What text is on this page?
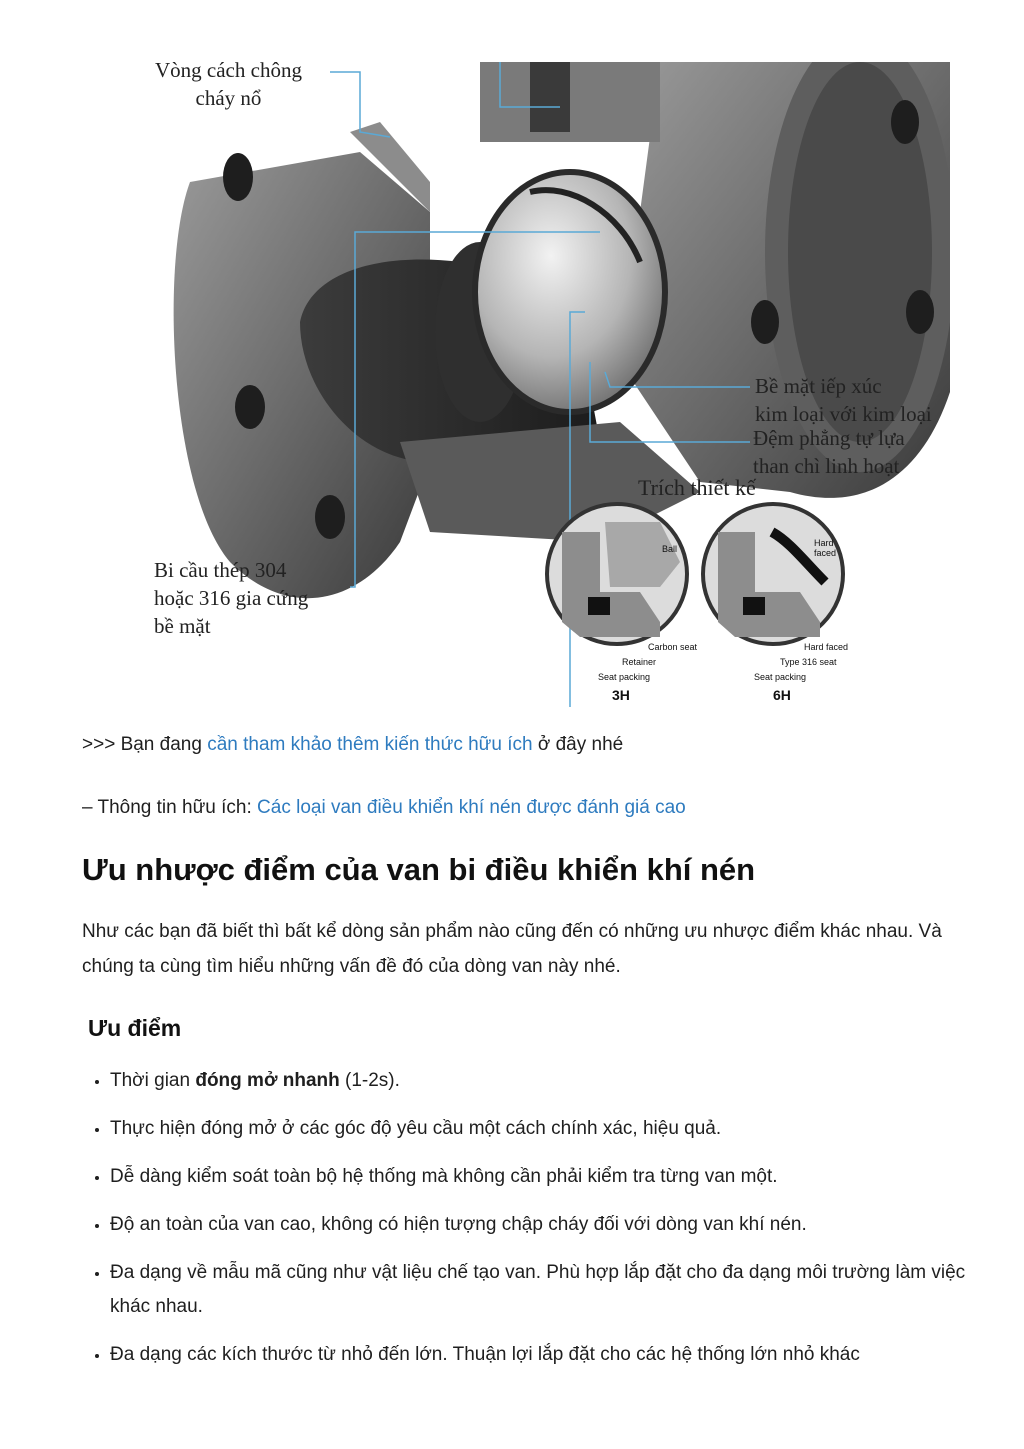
Vòng cách chông
cháy nổ
Bề mặt iếp xúc
kim loại với kim loại
Đệm phẳng tự lựa
than chì linh hoạt
Trích thiết kế
Bi cầu thép 304
hoặc 316 gia cứng
bề mặt
Ball
Carbon seat
Retainer
Seat packing
3H
Hard
faced
Hard faced
Type 316 seat
Seat packing
6H

>>> Bạn đang cần tham khảo thêm kiến thức hữu ích ở đây nhé

– Thông tin hữu ích: Các loại van điều khiển khí nén được đánh giá cao

Ưu nhược điểm của van bi điều khiển khí nén

Như các bạn đã biết thì bất kể dòng sản phẩm nào cũng đến có những ưu nhược điểm khác nhau. Và chúng ta cùng tìm hiểu những vấn đề đó của dòng van này nhé.

Ưu điểm
• Thời gian đóng mở nhanh (1-2s).
• Thực hiện đóng mở ở các góc độ yêu cầu một cách chính xác, hiệu quả.
• Dễ dàng kiểm soát toàn bộ hệ thống mà không cần phải kiểm tra từng van một.
• Độ an toàn của van cao, không có hiện tượng chập cháy đối với dòng van khí nén.
• Đa dạng về mẫu mã cũng như vật liệu chế tạo van. Phù hợp lắp đặt cho đa dạng môi trường làm việc khác nhau.
• Đa dạng các kích thước từ nhỏ đến lớn. Thuận lợi lắp đặt cho các hệ thống lớn nhỏ khác
